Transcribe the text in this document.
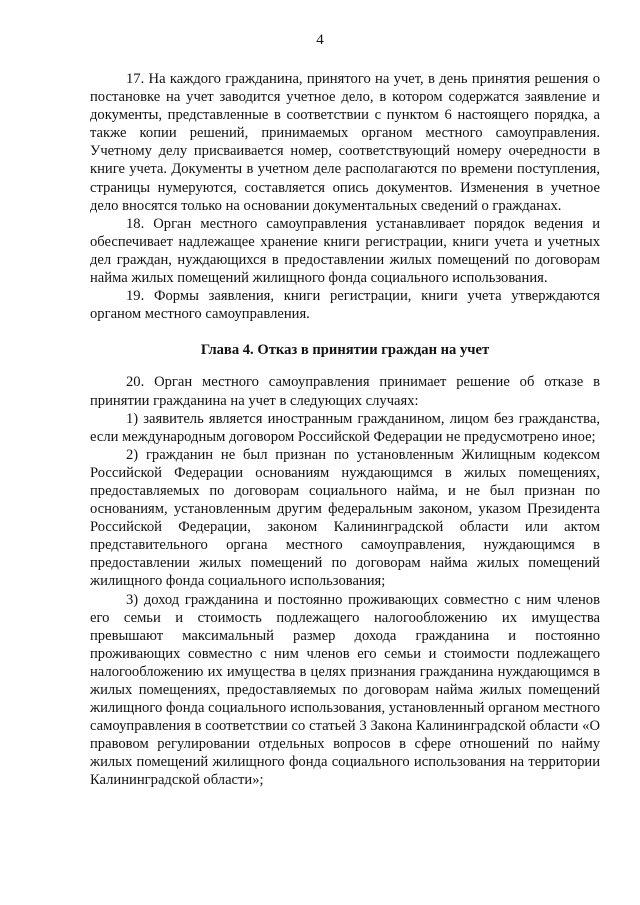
4

17. На каждого гражданина, принятого на учет, в день принятия решения о постановке на учет заводится учетное дело, в котором содержатся заявление и документы, представленные в соответствии с пунктом 6 настоящего порядка, а также копии решений, принимаемых органом местного самоуправления. Учетному делу присваивается номер, соответствующий номеру очередности в книге учета. Документы в учетном деле располагаются по времени поступления, страницы нумеруются, составляется опись документов. Изменения в учетное дело вносятся только на основании документальных сведений о гражданах.

18. Орган местного самоуправления устанавливает порядок ведения и обеспечивает надлежащее хранение книги регистрации, книги учета и учетных дел граждан, нуждающихся в предоставлении жилых помещений по договорам найма жилых помещений жилищного фонда социального использования.

19. Формы заявления, книги регистрации, книги учета утверждаются органом местного самоуправления.

Глава 4. Отказ в принятии граждан на учет

20. Орган местного самоуправления принимает решение об отказе в принятии гражданина на учет в следующих случаях:

1) заявитель является иностранным гражданином, лицом без гражданства, если международным договором Российской Федерации не предусмотрено иное;

2) гражданин не был признан по установленным Жилищным кодексом Российской Федерации основаниям нуждающимся в жилых помещениях, предоставляемых по договорам социального найма, и не был признан по основаниям, установленным другим федеральным законом, указом Президента Российской Федерации, законом Калининградской области или актом представительного органа местного самоуправления, нуждающимся в предоставлении жилых помещений по договорам найма жилых помещений жилищного фонда социального использования;

3) доход гражданина и постоянно проживающих совместно с ним членов его семьи и стоимость подлежащего налогообложению их имущества превышают максимальный размер дохода гражданина и постоянно проживающих совместно с ним членов его семьи и стоимости подлежащего налогообложению их имущества в целях признания гражданина нуждающимся в жилых помещениях, предоставляемых по договорам найма жилых помещений жилищного фонда социального использования, установленный органом местного самоуправления в соответствии со статьей 3 Закона Калининградской области «О правовом регулировании отдельных вопросов в сфере отношений по найму жилых помещений жилищного фонда социального использования на территории Калининградской области»;
